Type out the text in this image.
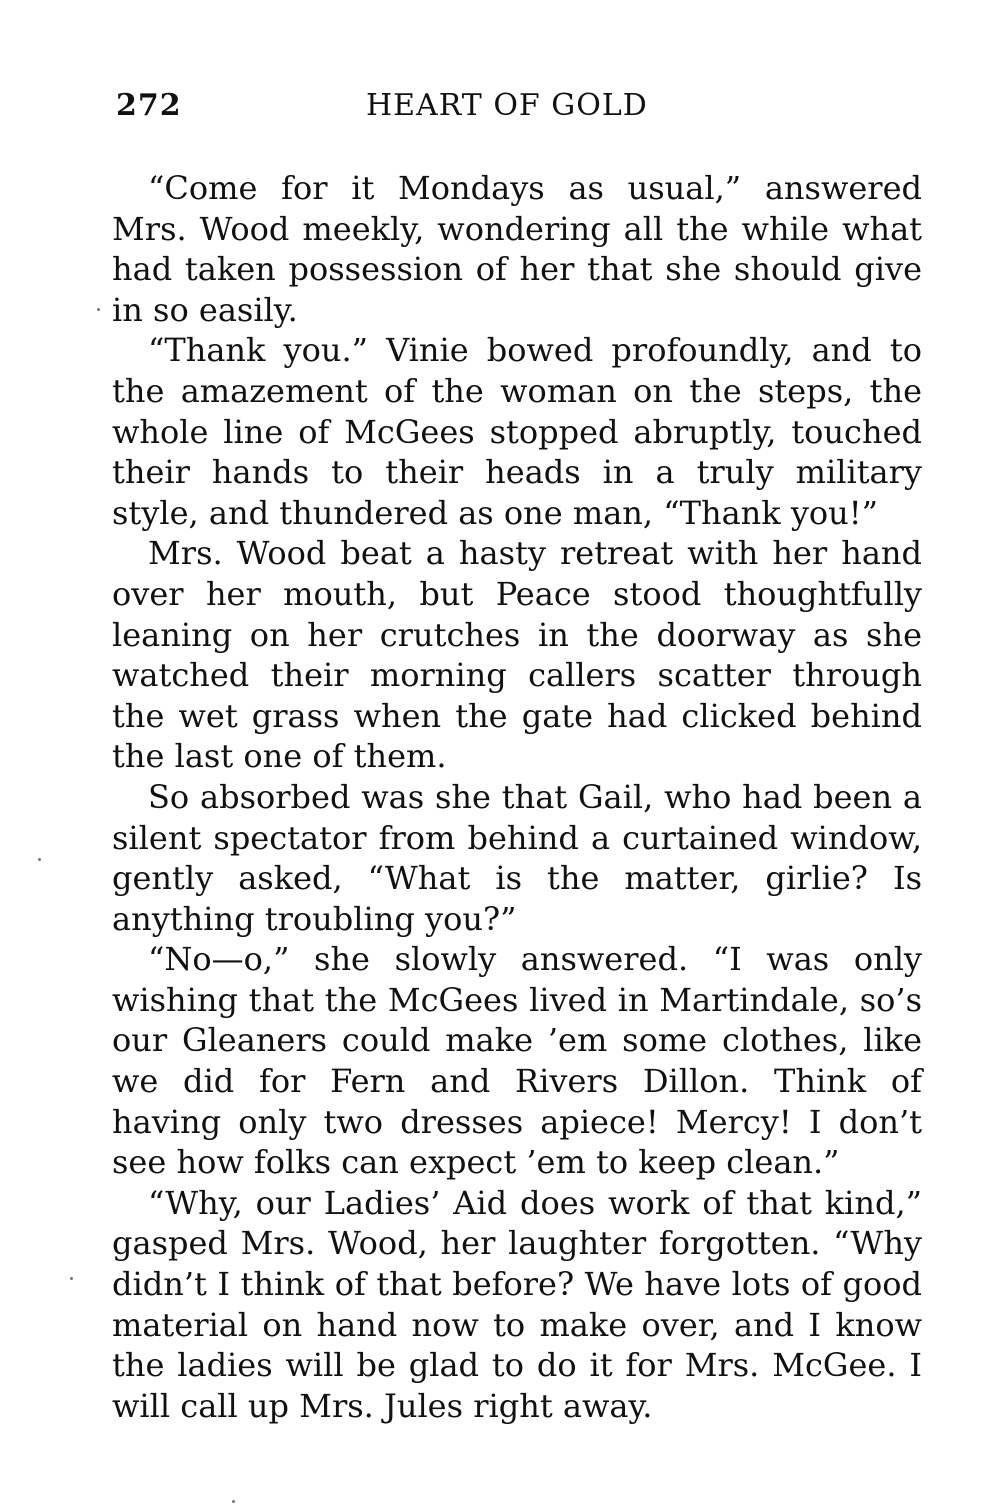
272	HEART OF GOLD

“Come for it Mondays as usual,” answered Mrs. Wood meekly, wondering all the while what had taken possession of her that she should give in so easily.

“Thank you.” Vinie bowed profoundly, and to the amazement of the woman on the steps, the whole line of McGees stopped abruptly, touched their hands to their heads in a truly military style, and thundered as one man, “Thank you!”

Mrs. Wood beat a hasty retreat with her hand over her mouth, but Peace stood thoughtfully leaning on her crutches in the doorway as she watched their morning callers scatter through the wet grass when the gate had clicked behind the last one of them.

So absorbed was she that Gail, who had been a silent spectator from behind a curtained window, gently asked, “What is the matter, girlie? Is anything troubling you?”

“No—o,” she slowly answered. “I was only wishing that the McGees lived in Martindale, so’s our Gleaners could make ’em some clothes, like we did for Fern and Rivers Dillon. Think of having only two dresses apiece! Mercy! I don’t see how folks can expect ’em to keep clean.”

“Why, our Ladies’ Aid does work of that kind,” gasped Mrs. Wood, her laughter forgotten. “Why didn’t I think of that before? We have lots of good material on hand now to make over, and I know the ladies will be glad to do it for Mrs. McGee. I will call up Mrs. Jules right away.
